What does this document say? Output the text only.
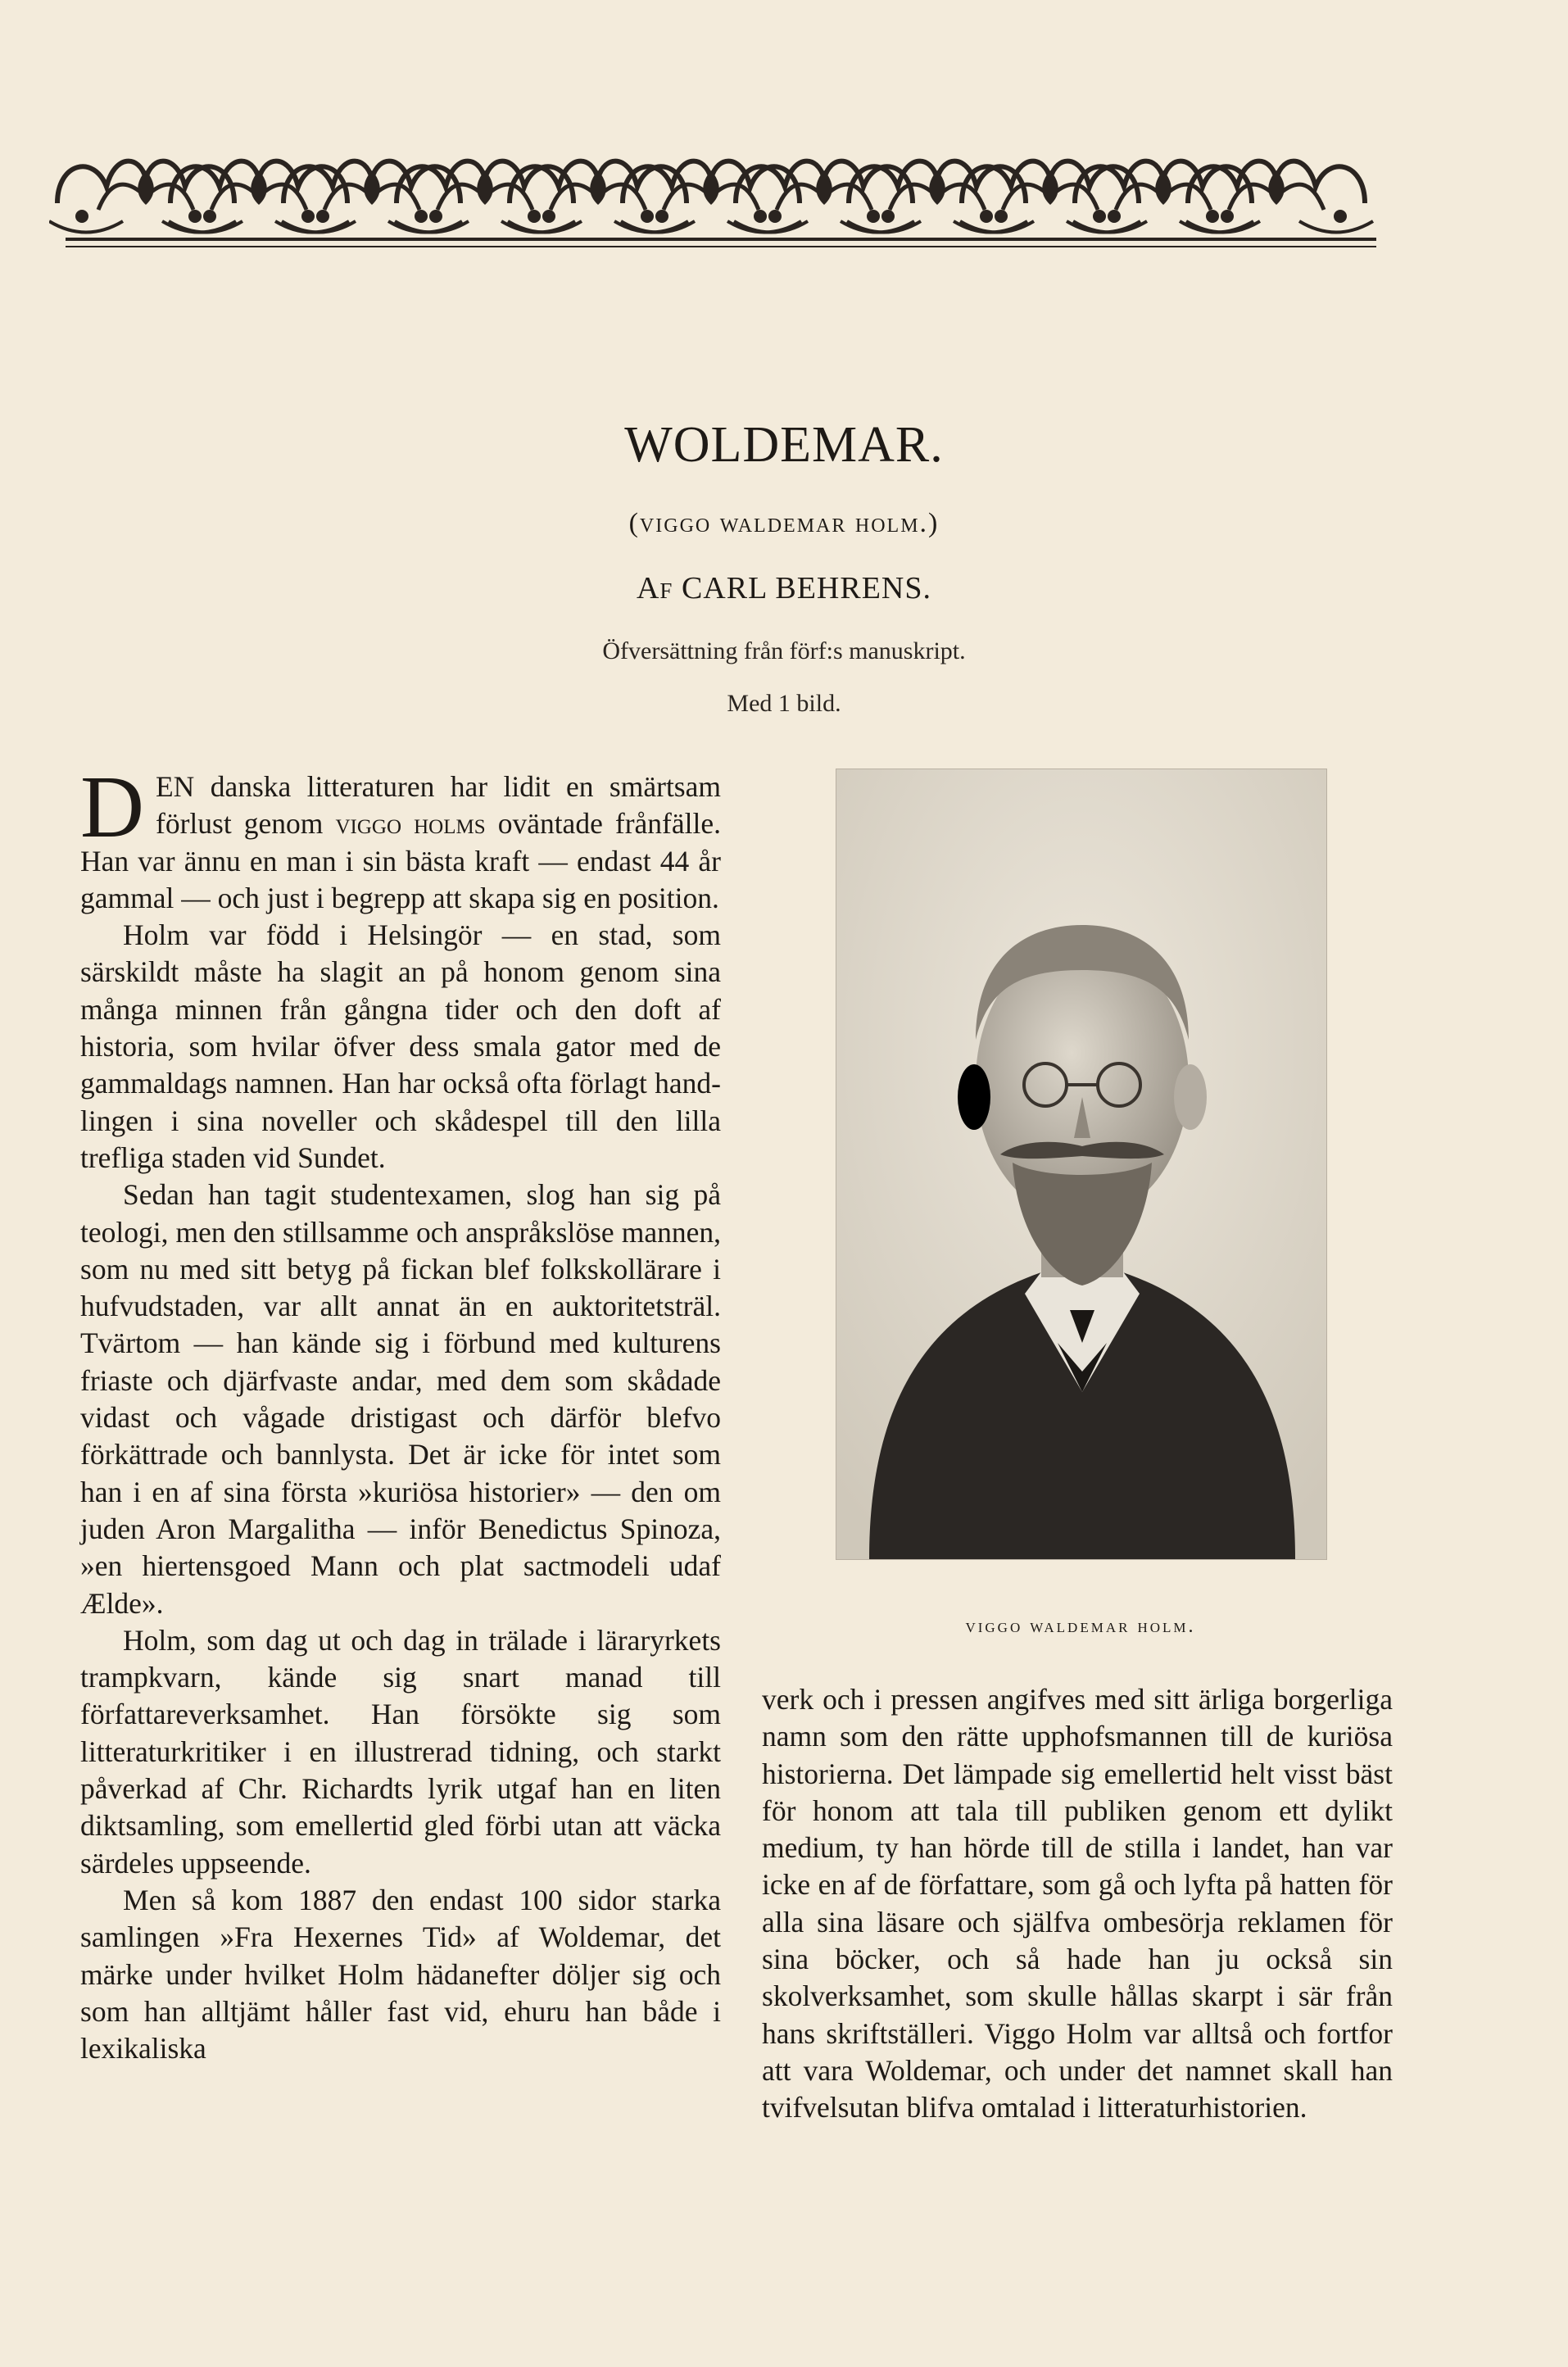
WOLDEMAR.
(viggo waldemar holm.)
Af CARL BEHRENS.
Öfversättning från förf:s manuskript.
Med 1 bild.

DEN danska litteraturen har lidit en smärtsam förlust genom viggo holms oväntade frånfälle. Han var ännu en man i sin bästa kraft — endast 44 år gammal — och just i begrepp att skapa sig en position.

Holm var född i Helsingör — en stad, som särskildt måste ha slagit an på honom genom sina många minnen från gångna tider och den doft af historia, som hvilar öfver dess smala gator med de gammaldags namnen. Han har också ofta förlagt handlingen i sina noveller och skådespel till den lilla trefliga staden vid Sundet.

Sedan han tagit studentexamen, slog han sig på teologi, men den stillsamme och anspråkslöse mannen, som nu med sitt betyg på fickan blef folkskollärare i hufvudstaden, var allt annat än en auktoritetsträl. Tvärtom — han kände sig i förbund med kulturens friaste och djärfvaste andar, med dem som skådade vidast och vågade dristigast och därför blefvo förkättrade och bannlysta. Det är icke för intet som han i en af sina första »kuriösa historier» — den om juden Aron Margalitha — inför Benedictus Spinoza, »en hiertensgoed Mann och plat sactmodeli udaf Ælde».

Holm, som dag ut och dag in trälade i läraryrkets trampkvarn, kände sig snart manad till författareverksamhet. Han försökte sig som litteraturkritiker i en illustrerad tidning, och starkt påverkad af Chr. Richardts lyrik utgaf han en liten diktsamling, som emellertid gled förbi utan att väcka särdeles uppseende.

Men så kom 1887 den endast 100 sidor starka samlingen »Fra Hexernes Tid» af Woldemar, det märke under hvilket Holm hädanefter döljer sig och som han alltjämt håller fast vid, ehuru han både i lexikaliska

viggo waldemar holm.

verk och i pressen angifves med sitt ärliga borgerliga namn som den rätte upphofsmannen till de kuriösa historierna. Det lämpade sig emellertid helt visst bäst för honom att tala till publiken genom ett dylikt medium, ty han hörde till de stilla i landet, han var icke en af de författare, som gå och lyfta på hatten för alla sina läsare och själfva ombesörja reklamen för sina böcker, och så hade han ju också sin skolverksamhet, som skulle hållas skarpt i sär från hans skriftställeri. Viggo Holm var alltså och fortfor att vara Woldemar, och under det namnet skall han tvifvelsutan blifva omtalad i litteraturhistorien.
